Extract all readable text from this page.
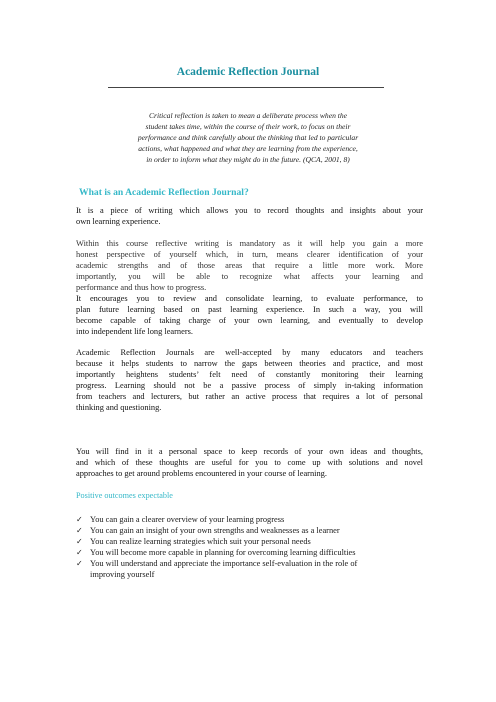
Academic Reflection Journal
Critical reflection is taken to mean a deliberate process when the
student takes time, within the course of their work, to focus on their
performance and think carefully about the thinking that led to particular
actions, what happened and what they are learning from the experience,
in order to inform what they might do in the future. (QCA, 2001, 8)
What is an Academic Reflection Journal?
It is a piece of writing which allows you to record thoughts and insights about your
own learning experience.
Within this course reflective writing is mandatory as it will help you gain a more
honest perspective of yourself which, in turn, means clearer identification of your
academic strengths and of those areas that require a little more work. More
importantly, you will be able to recognize what affects your learning and
performance and thus how to progress.
It encourages you to review and consolidate learning, to evaluate performance, to
plan future learning based on past learning experience. In such a way, you will
become capable of taking charge of your own learning, and eventually to develop
into independent life long learners.
Academic Reflection Journals are well-accepted by many educators and teachers
because it helps students to narrow the gaps between theories and practice, and most
importantly heightens students’ felt need of constantly monitoring their learning
progress. Learning should not be a passive process of simply in-taking information
from teachers and lecturers, but rather an active process that requires a lot of personal
thinking and questioning.
You will find in it a personal space to keep records of your own ideas and thoughts,
and which of these thoughts are useful for you to come up with solutions and novel
approaches to get around problems encountered in your course of learning.
Positive outcomes expectable
✓ You can gain a clearer overview of your learning progress
✓ You can gain an insight of your own strengths and weaknesses as a learner
✓ You can realize learning strategies which suit your personal needs
✓ You will become more capable in planning for overcoming learning difficulties
✓ You will understand and appreciate the importance self-evaluation in the role of
improving yourself
